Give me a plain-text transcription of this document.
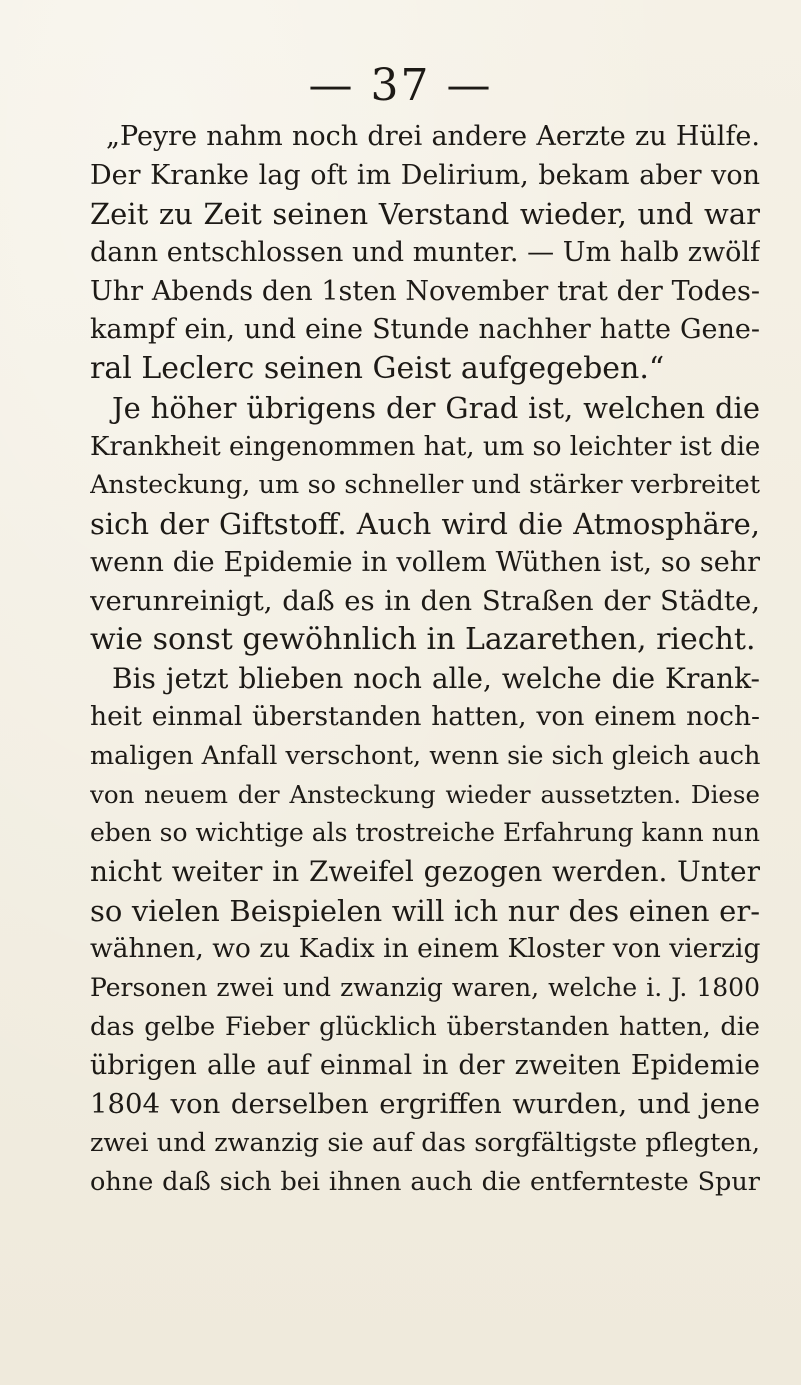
— 37 —
„Peyre nahm noch drei andere Aerzte zu Hülfe.
Der Kranke lag oft im Delirium, bekam aber von
Zeit zu Zeit seinen Verstand wieder, und war
dann entschlossen und munter. — Um halb zwölf
Uhr Abends den 1sten November trat der Todes-
kampf ein, und eine Stunde nachher hatte Gene-
ral Leclerc seinen Geist aufgegeben.“
Je höher übrigens der Grad ist, welchen die
Krankheit eingenommen hat, um so leichter ist die
Ansteckung, um so schneller und stärker verbreitet
sich der Giftstoff. Auch wird die Atmosphäre,
wenn die Epidemie in vollem Wüthen ist, so sehr
verunreinigt, daß es in den Straßen der Städte,
wie sonst gewöhnlich in Lazarethen, riecht.
Bis jetzt blieben noch alle, welche die Krank-
heit einmal überstanden hatten, von einem noch-
maligen Anfall verschont, wenn sie sich gleich auch
von neuem der Ansteckung wieder aussetzten. Diese
eben so wichtige als trostreiche Erfahrung kann nun
nicht weiter in Zweifel gezogen werden. Unter
so vielen Beispielen will ich nur des einen er-
wähnen, wo zu Kadix in einem Kloster von vierzig
Personen zwei und zwanzig waren, welche i. J. 1800
das gelbe Fieber glücklich überstanden hatten, die
übrigen alle auf einmal in der zweiten Epidemie
1804 von derselben ergriffen wurden, und jene
zwei und zwanzig sie auf das sorgfältigste pflegten,
ohne daß sich bei ihnen auch die entfernteste Spur
